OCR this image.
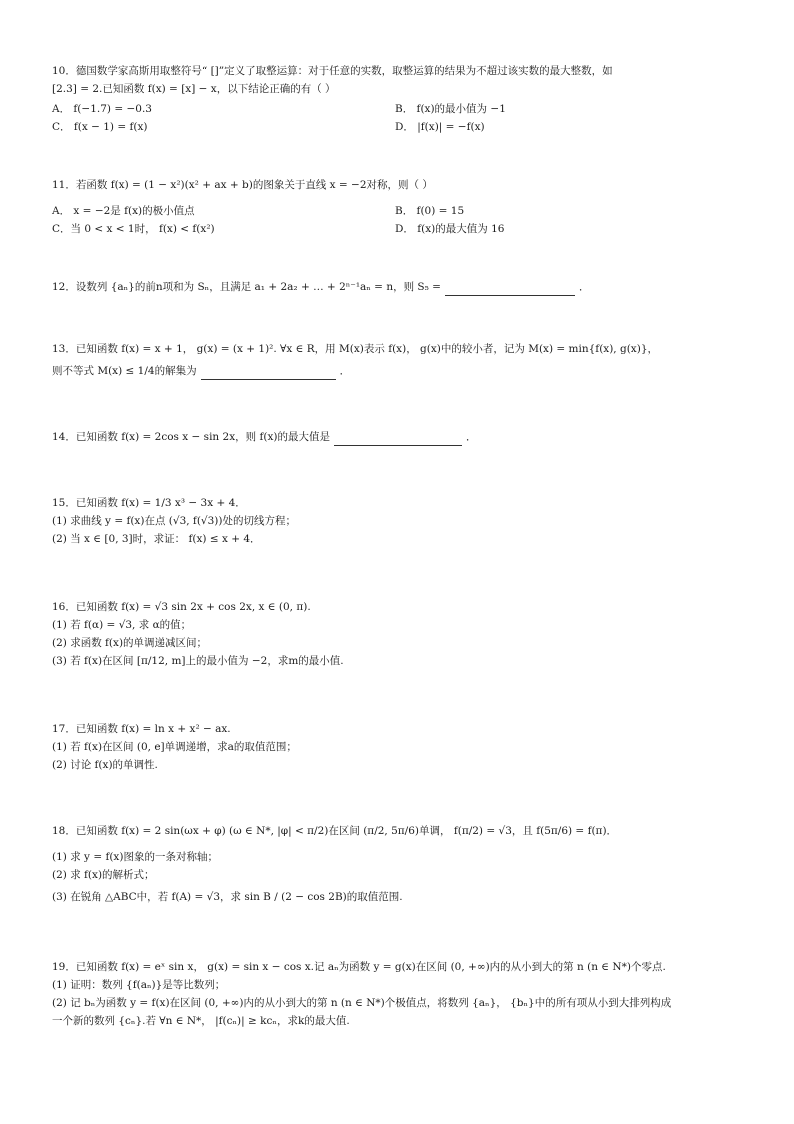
10．德国数学家高斯用取整符号“ []”定义了取整运算：对于任意的实数，取整运算的结果为不超过该实数的最大整数，如
[2.3] = 2.已知函数 f(x) = [x] − x，以下结论正确的有（ ）
A． f(−1.7) = −0.3	B． f(x)的最小值为 −1
C． f(x − 1) = f(x)	D． |f(x)| = −f(x)
11．若函数 f(x) = (1 − x²)(x² + ax + b)的图象关于直线 x = −2对称，则（ ）
A． x = −2是 f(x)的极小值点	B． f(0) = 15
C．当 0 < x < 1时， f(x) < f(x²)	D． f(x)的最大值为 16
12．设数列 {aₙ}的前n项和为 Sₙ，且满足 a₁ + 2a₂ + … + 2ⁿ⁻¹aₙ = n，则 S₅ =	．
13．已知函数 f(x) = x + 1， g(x) = (x + 1)². ∀x ∈ R，用 M(x)表示 f(x)， g(x)中的较小者，记为 M(x) = min{f(x), g(x)}，
则不等式 M(x) ≤ 1/4的解集为	．
14．已知函数 f(x) = 2cos x − sin 2x，则 f(x)的最大值是	．
15．已知函数 f(x) = 1/3 x³ − 3x + 4．
(1) 求曲线 y = f(x)在点 (√3, f(√3))处的切线方程；
(2) 当 x ∈ [0, 3]时，求证： f(x) ≤ x + 4．
16．已知函数 f(x) = √3 sin 2x + cos 2x, x ∈ (0, π).
(1) 若 f(α) = √3, 求 α的值；
(2) 求函数 f(x)的单调递减区间；
(3) 若 f(x)在区间 [π/12, m]上的最小值为 −2，求m的最小值.
17．已知函数 f(x) = ln x + x² − ax.
(1) 若 f(x)在区间 (0, e]单调递增，求a的取值范围；
(2) 讨论 f(x)的单调性.
18．已知函数 f(x) = 2 sin(ωx + φ) (ω ∈ N*, |φ| < π/2)在区间 (π/2, 5π/6)单调， f(π/2) = √3，且 f(5π/6) = f(π)．
(1) 求 y = f(x)图象的一条对称轴；
(2) 求 f(x)的解析式；
(3) 在锐角 △ABC中，若 f(A) = √3，求 sin B / (2 − cos 2B)的取值范围.
19．已知函数 f(x) = eˣ sin x， g(x) = sin x − cos x.记 aₙ为函数 y = g(x)在区间 (0, +∞)内的从小到大的第 n (n ∈ N*)个零点.
(1) 证明：数列 {f(aₙ)}是等比数列；
(2) 记 bₙ为函数 y = f(x)在区间 (0, +∞)内的从小到大的第 n (n ∈ N*)个极值点，将数列 {aₙ}， {bₙ}中的所有项从小到大排列构成
一个新的数列 {cₙ}.若 ∀n ∈ N*， |f(cₙ)| ≥ kcₙ，求k的最大值.
